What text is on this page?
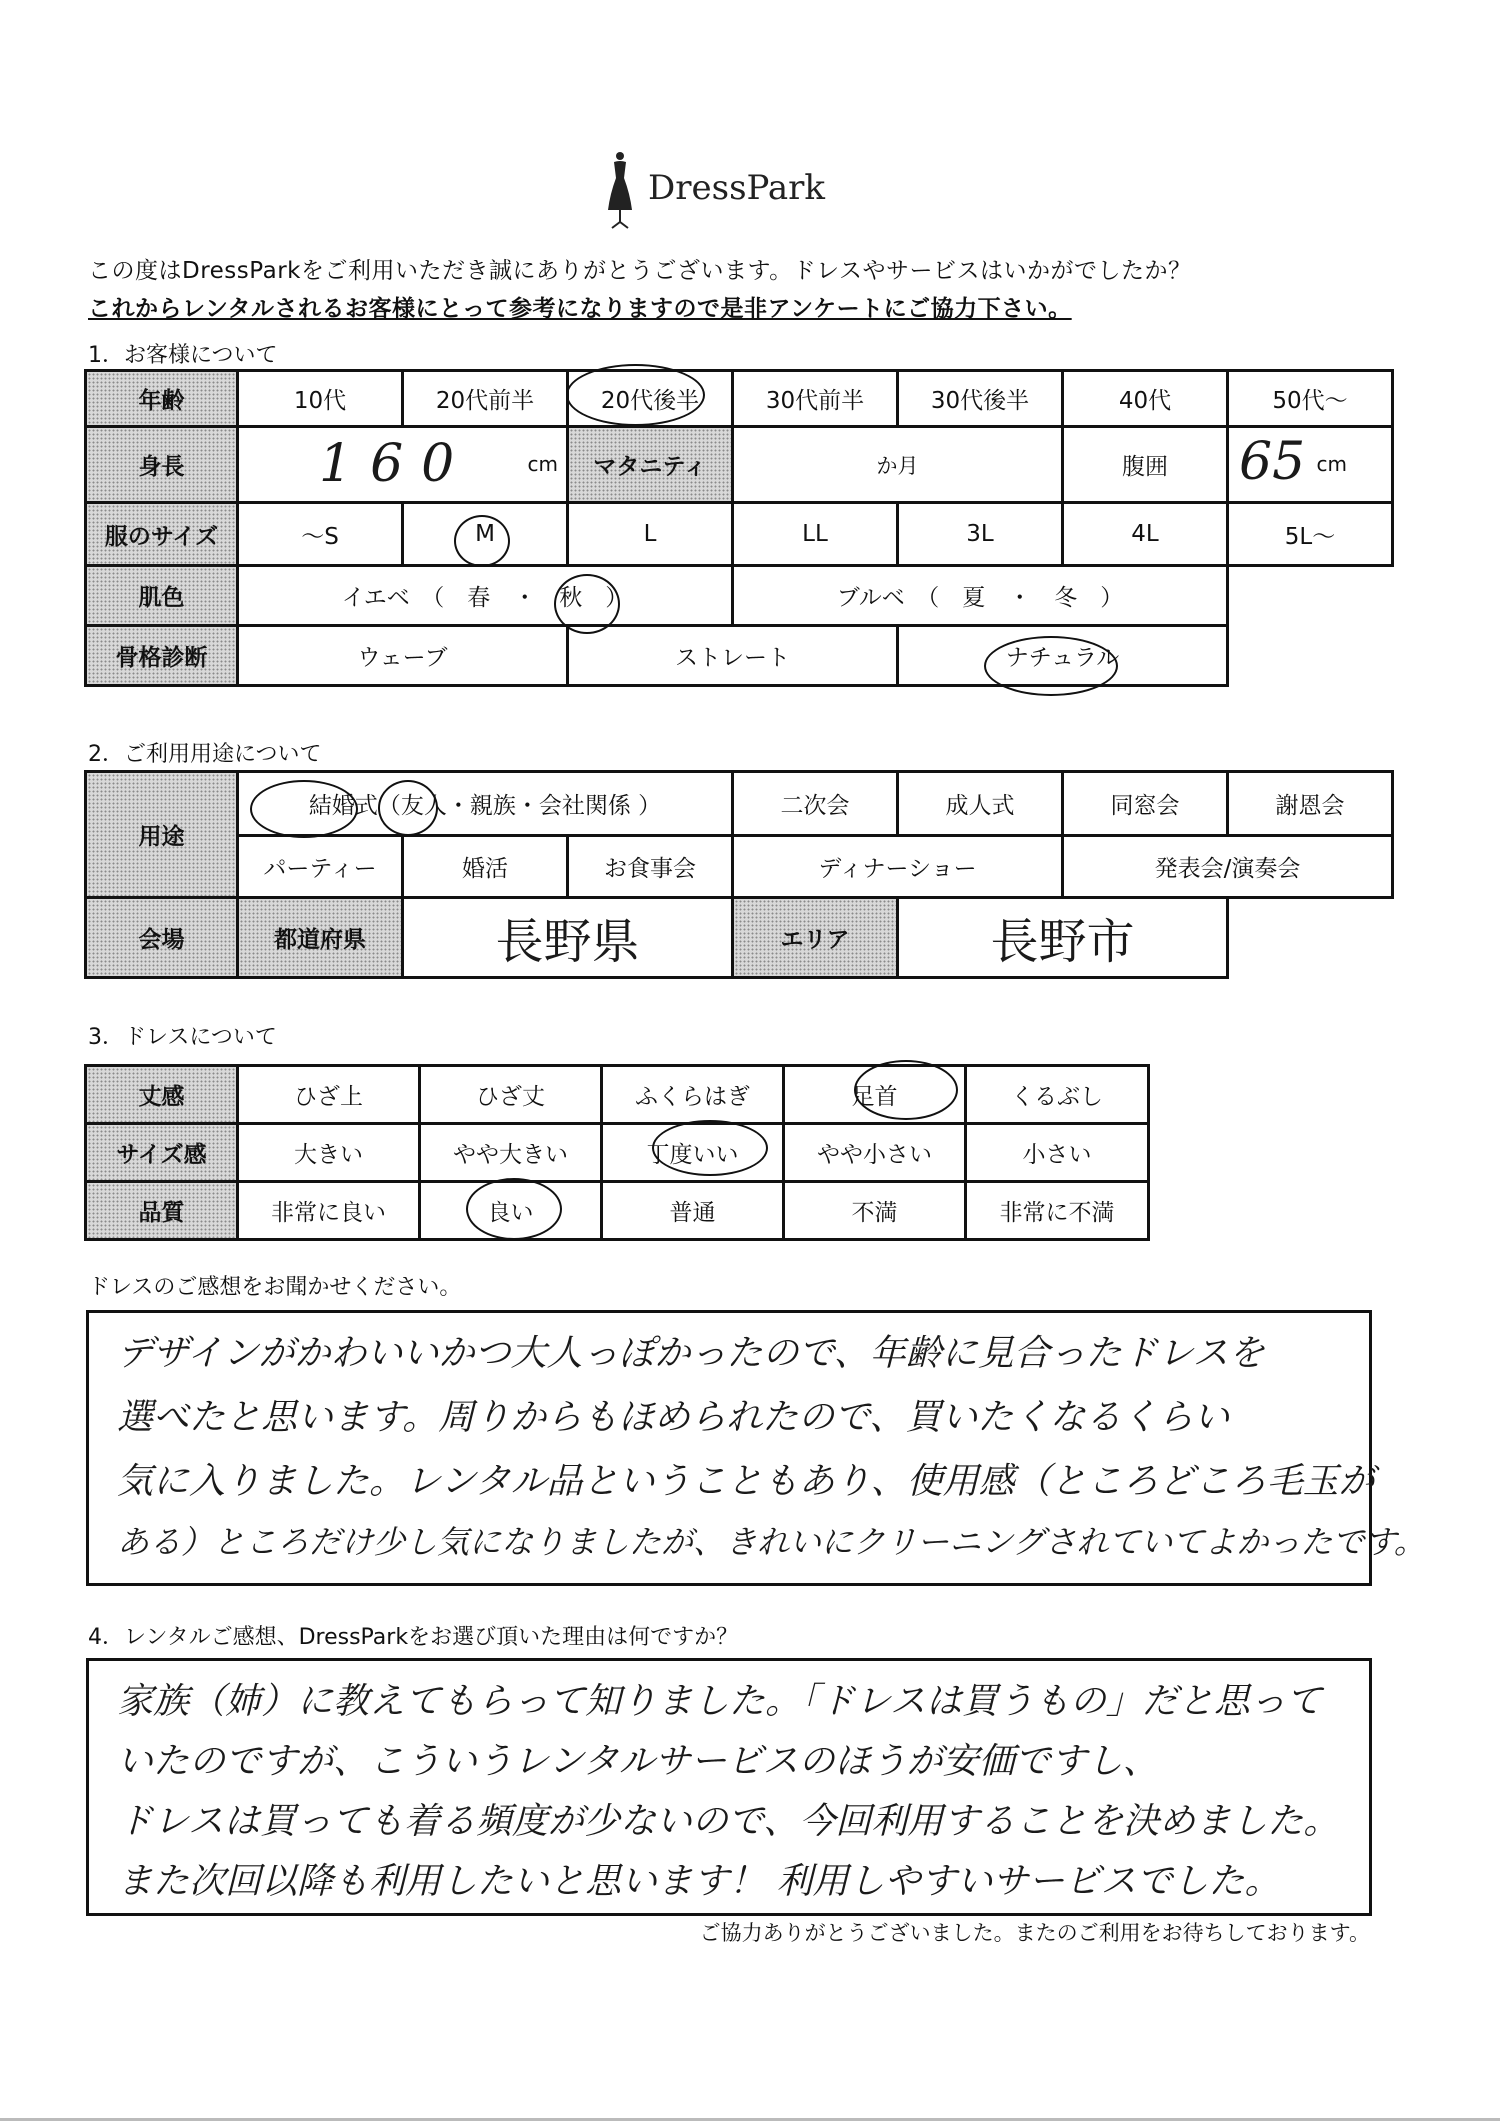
DressPark
この度はDressParkをご利用いただき誠にありがとうございます。ドレスやサービスはいかがでしたか？
これからレンタルされるお客様にとって参考になりますので是非アンケートにご協力下さい。
1．お客様について
年齢	10代	20代前半	20代後半	30代前半	30代後半	40代	50代〜
身長	160 cm		マタニティ	か月		腹囲	65 cm

服のサイズ	〜S	M	L	LL	3L	4L	5L〜
肌色	イエベ　（　春　・　秋　）			ブルベ　（　夏　・　冬　）			
骨格診断	ウェーブ		ストレート		ナチュラル		
2．ご利用用途について
用途	結婚式（友人・親族・会社関係 ）			二次会	成人式	同窓会	謝恩会
	パーティー	婚活	お食事会	ディナーショー		発表会/演奏会	
会場	都道府県	長野県		エリア	長野市		
3．ドレスについて
丈感	ひざ上	ひざ丈	ふくらはぎ	足首	くるぶし
サイズ感	大きい	やや大きい	丁度いい	やや小さい	小さい
品質	非常に良い	良い	普通	不満	非常に不満
ドレスのご感想をお聞かせください。
デザインがかわいいかつ大人っぽかったので、年齢に見合ったドレスを
選べたと思います。周りからもほめられたので、買いたくなるくらい
気に入りました。レンタル品ということもあり、使用感（ところどころ毛玉が
ある）ところだけ少し気になりましたが、きれいにクリーニングされていてよかったです。
4．レンタルご感想、DressParkをお選び頂いた理由は何ですか？
家族（姉）に教えてもらって知りました。「ドレスは買うもの」だと思って
いたのですが、こういうレンタルサービスのほうが安価ですし、
ドレスは買っても着る頻度が少ないので、今回利用することを決めました。
また次回以降も利用したいと思います！ 利用しやすいサービスでした。
ご協力ありがとうございました。またのご利用をお待ちしております。
